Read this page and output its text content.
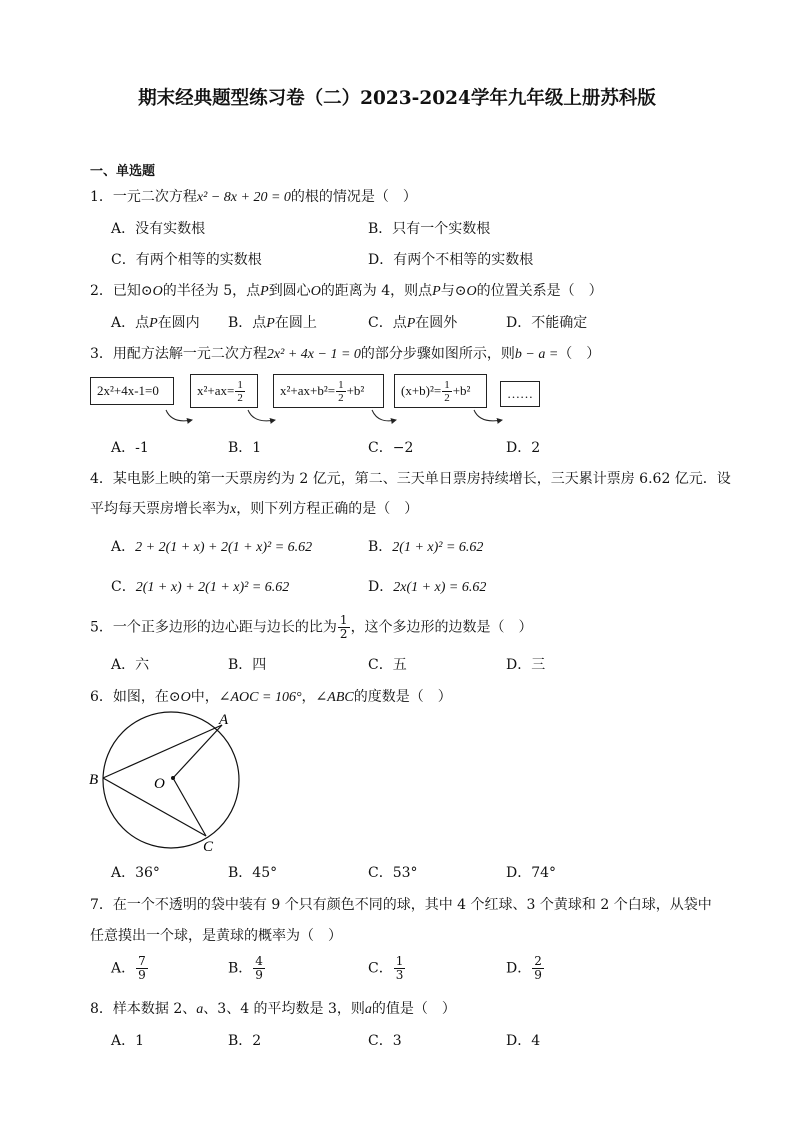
期末经典题型练习卷（二）2023-2024学年九年级上册苏科版
一、单选题
1．一元二次方程x² − 8x + 20 = 0的根的情况是（　）
A．没有实数根	B．只有一个实数根
C．有两个相等的实数根	D．有两个不相等的实数根
2．已知⊙O的半径为 5，点P到圆心O的距离为 4，则点P与⊙O的位置关系是（　）
A．点P在圆内 B．点P在圆上	C．点P在圆外	D．不能确定
3．用配方法解一元二次方程2x² + 4x − 1 = 0的部分步骤如图所示，则b − a =（　）
2x²+4x-1=0	$x^2+ax= \frac{1}{2}$	$x^2+ax+b^2= \frac{1}{2} +b^2$	$(x+b)^2= \frac{1}{2} +b^2$	……
A．-1	B．1	C．−2	D．2
4．某电影上映的第一天票房约为 2 亿元，第二、三天单日票房持续增长，三天累计票房 6.62 亿元．设
平均每天票房增长率为x，则下列方程正确的是（　）
A．2 + 2(1 + x) + 2(1 + x)² = 6.62	B．2(1 + x)² = 6.62
C．2(1 + x) + 2(1 + x)² = 6.62	D．2x(1 + x) = 6.62
5．一个正多边形的边心距与边长的比为 $\frac{1}{2}$ ，这个多边形的边数是（　）
A．六	B．四	C．五	D．三
6．如图，在⊙O中，∠AOC = 106°，∠ABC的度数是（　）
A
B	O
C
A．36°	B．45°	C．53°	D．74°
7．在一个不透明的袋中装有 9 个只有颜色不同的球，其中 4 个红球、3 个黄球和 2 个白球，从袋中
任意摸出一个球，是黄球的概率为（　）
A． $\frac{7}{9}$	B． $\frac{4}{9}$	C． $\frac{1}{3}$	D． $\frac{2}{9}$
8．样本数据 2、a、3、4 的平均数是 3，则a的值是（　）
A．1	B．2	C．3	D．4
